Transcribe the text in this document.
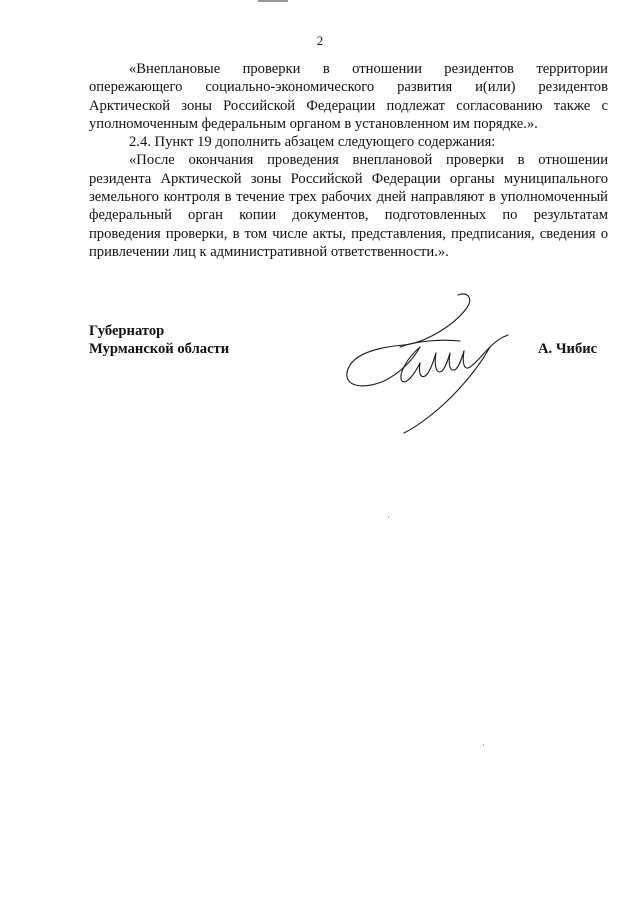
2

«Внеплановые проверки в отношении резидентов территории опережающего социально-экономического развития и(или) резидентов Арктической зоны Российской Федерации подлежат согласованию также с уполномоченным федеральным органом в установленном им порядке.».

2.4. Пункт 19 дополнить абзацем следующего содержания:

«После окончания проведения внеплановой проверки в отношении резидента Арктической зоны Российской Федерации органы муниципального земельного контроля в течение трех рабочих дней направляют в уполномоченный федеральный орган копии документов, подготовленных по результатам проведения проверки, в том числе акты, представления, предписания, сведения о привлечении лиц к административной ответственности.».

Губернатор
Мурманской области	А. Чибис
